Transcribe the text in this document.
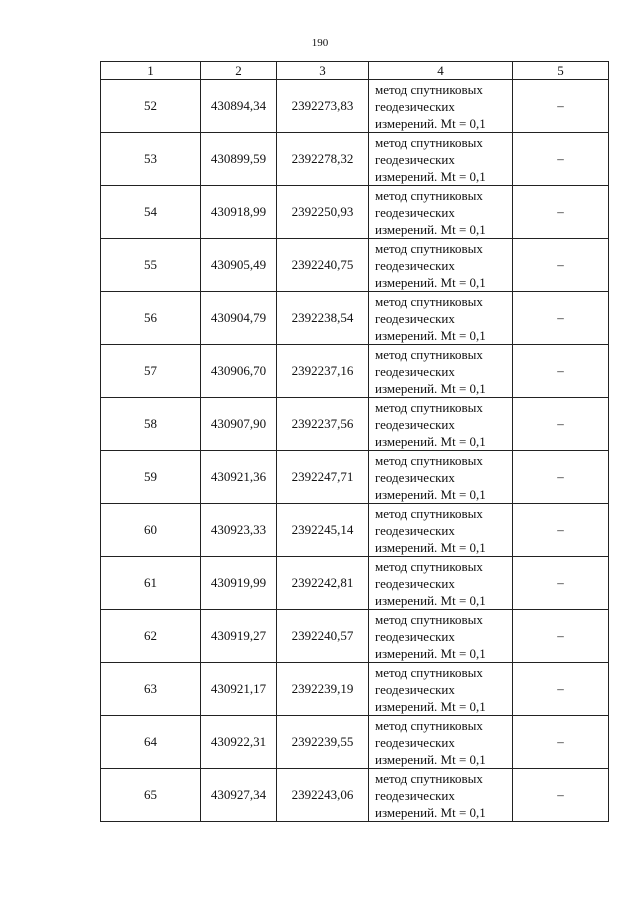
190
1	2	3	4	5
52	430894,34	2392273,83	метод спутниковых
геодезических
измерений. Mt = 0,1	–
53	430899,59	2392278,32	метод спутниковых
геодезических
измерений. Mt = 0,1	–
54	430918,99	2392250,93	метод спутниковых
геодезических
измерений. Mt = 0,1	–
55	430905,49	2392240,75	метод спутниковых
геодезических
измерений. Mt = 0,1	–
56	430904,79	2392238,54	метод спутниковых
геодезических
измерений. Mt = 0,1	–
57	430906,70	2392237,16	метод спутниковых
геодезических
измерений. Mt = 0,1	–
58	430907,90	2392237,56	метод спутниковых
геодезических
измерений. Mt = 0,1	–
59	430921,36	2392247,71	метод спутниковых
геодезических
измерений. Mt = 0,1	–
60	430923,33	2392245,14	метод спутниковых
геодезических
измерений. Mt = 0,1	–
61	430919,99	2392242,81	метод спутниковых
геодезических
измерений. Mt = 0,1	–
62	430919,27	2392240,57	метод спутниковых
геодезических
измерений. Mt = 0,1	–
63	430921,17	2392239,19	метод спутниковых
геодезических
измерений. Mt = 0,1	–
64	430922,31	2392239,55	метод спутниковых
геодезических
измерений. Mt = 0,1	–
65	430927,34	2392243,06	метод спутниковых
геодезических
измерений. Mt = 0,1	–
